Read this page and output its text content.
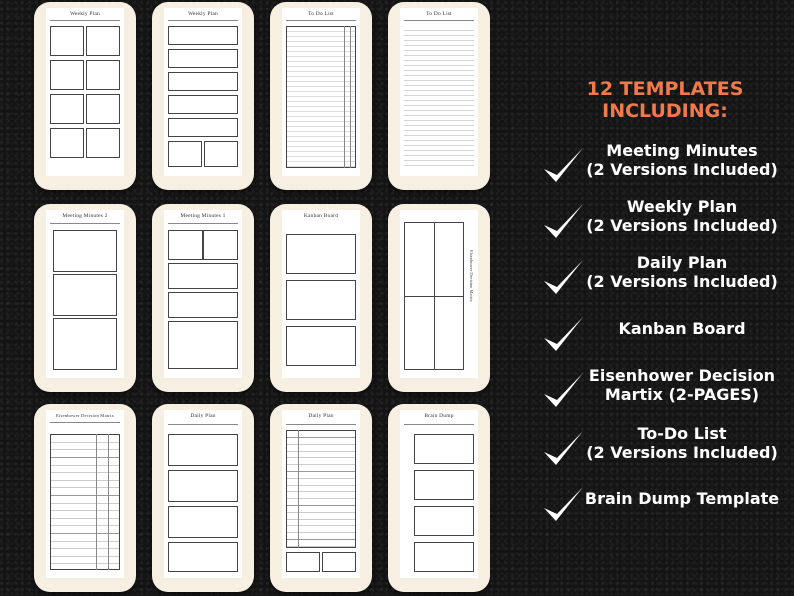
Weekly Plan	Weekly Plan	To Do List	To Do List
Meeting Minutes 2	Meeting Minutes 1	Kanban Board
Eisenhower Decision Matrix
Eisenhower Decision Matrix	Daily Plan	Daily Plan	Brain Dump
12 TEMPLATES
INCLUDING:
Meeting Minutes
(2 Versions Included)
Weekly Plan
(2 Versions Included)
Daily Plan
(2 Versions Included)
Kanban Board
Eisenhower Decision
Martix (2-PAGES)
To-Do List
(2 Versions Included)
Brain Dump Template
